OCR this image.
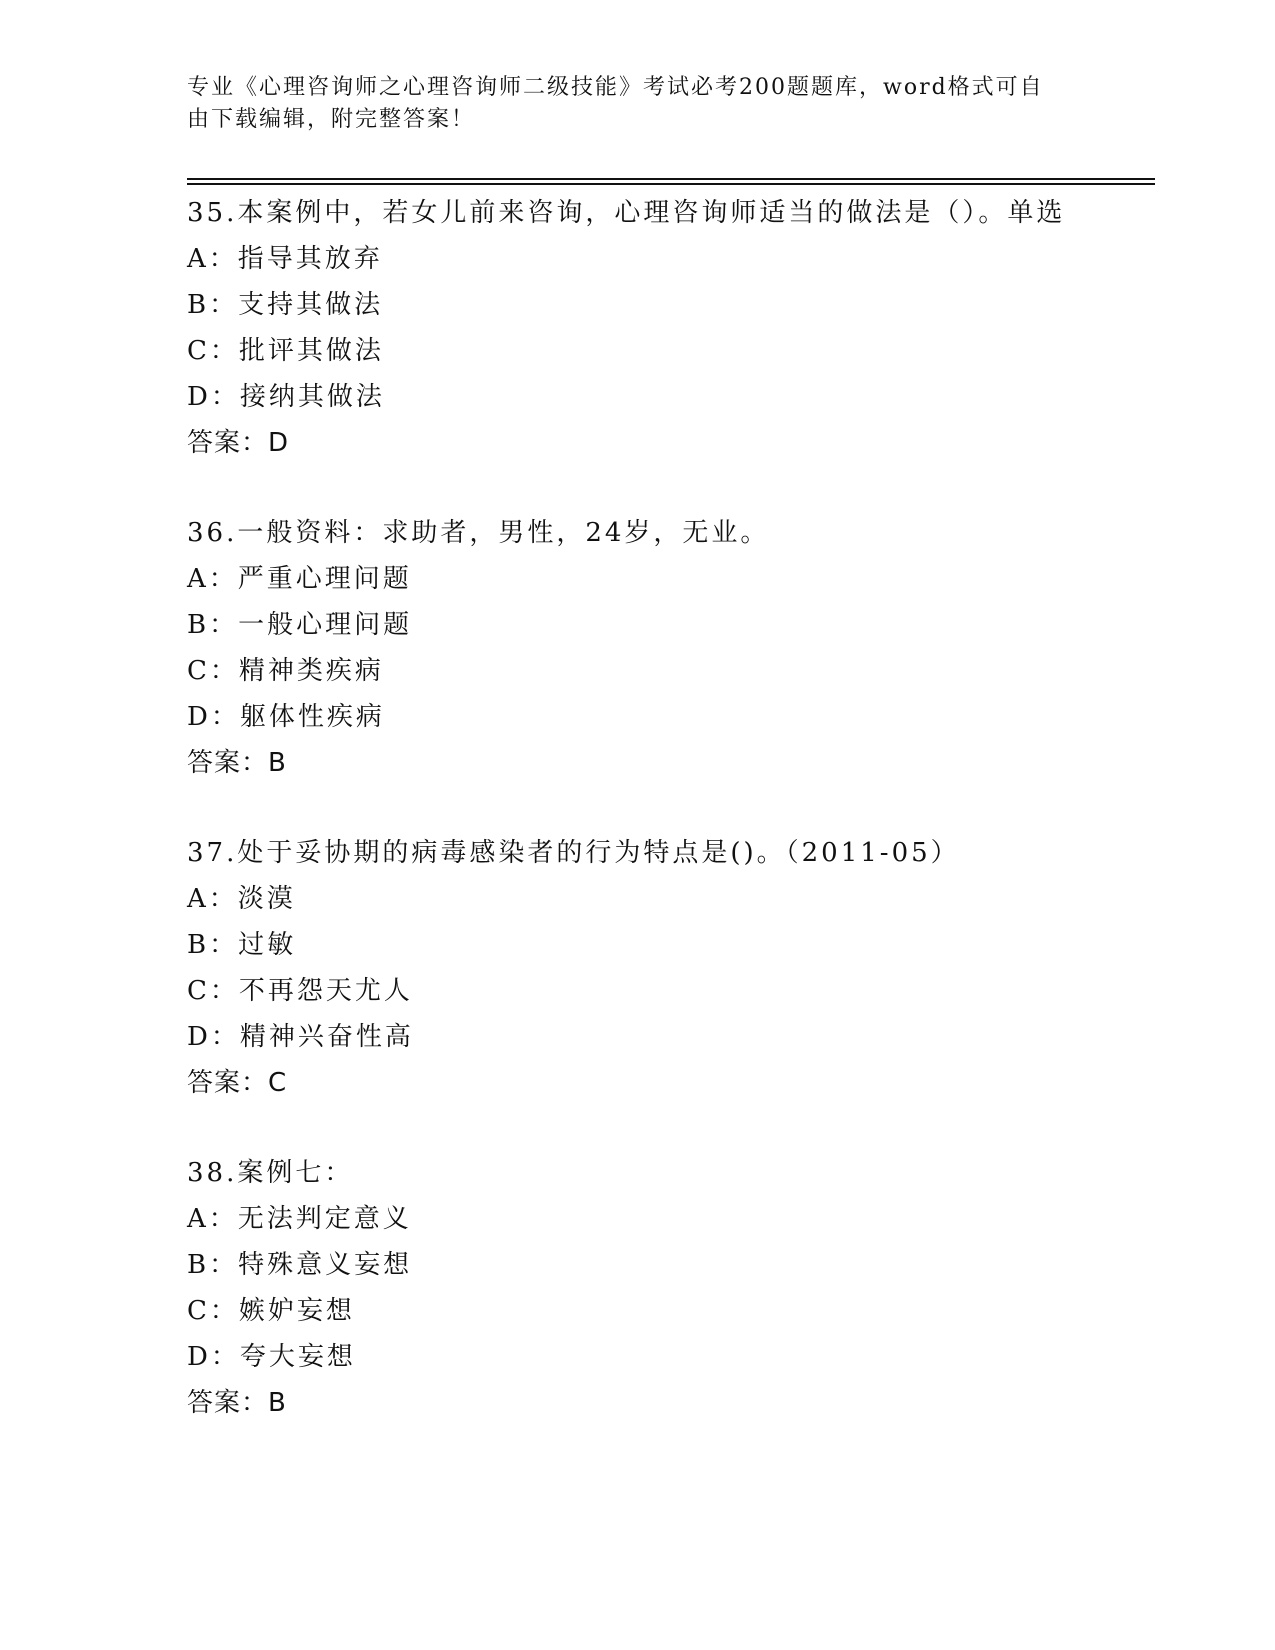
专业《心理咨询师之心理咨询师二级技能》考试必考200题题库，word格式可自
由下载编辑，附完整答案！
35.本案例中，若女儿前来咨询，心理咨询师适当的做法是（）。单选
A：指导其放弃
B：支持其做法
C：批评其做法
D：接纳其做法
答案：D
36.一般资料：求助者，男性，24岁，无业。
A：严重心理问题
B：一般心理问题
C：精神类疾病
D：躯体性疾病
答案：B
37.处于妥协期的病毒感染者的行为特点是()。（2011-05）
A：淡漠
B：过敏
C：不再怨天尤人
D：精神兴奋性高
答案：C
38.案例七：
A：无法判定意义
B：特殊意义妄想
C：嫉妒妄想
D：夸大妄想
答案：B
